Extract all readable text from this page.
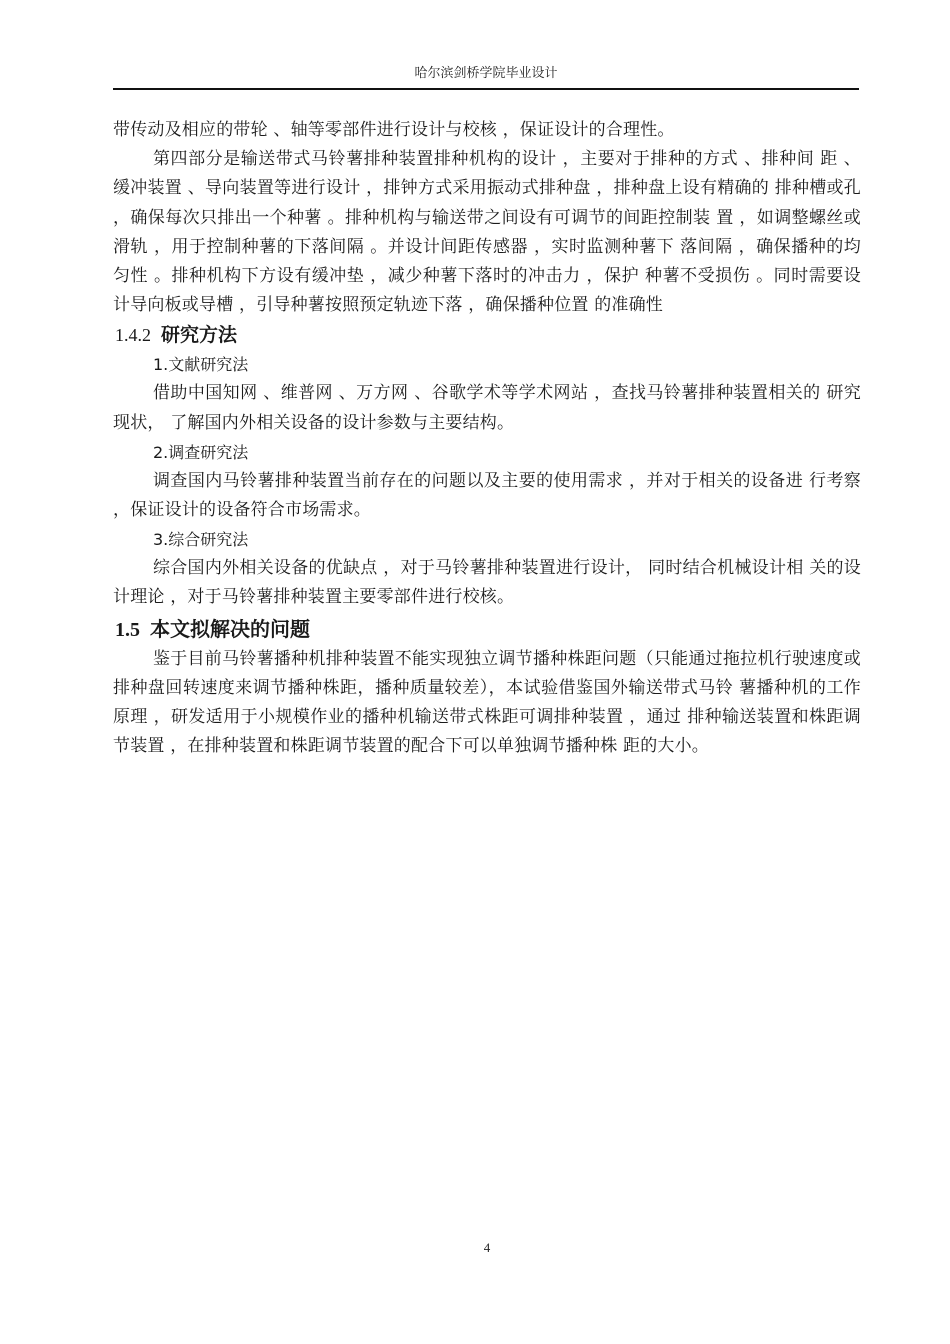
哈尔滨剑桥学院毕业设计

带传动及相应的带轮 、轴等零部件进行设计与校核 ，保证设计的合理性。

第四部分是输送带式马铃薯排种装置排种机构的设计 ，主要对于排种的方式 、排种间 距 、缓冲装置 、导向装置等进行设计 ，排钟方式采用振动式排种盘 ，排种盘上设有精确的 排种槽或孔 ，确保每次只排出一个种薯 。排种机构与输送带之间设有可调节的间距控制装 置 ，如调整螺丝或滑轨 ，用于控制种薯的下落间隔 。并设计间距传感器 ，实时监测种薯下 落间隔 ，确保播种的均匀性 。排种机构下方设有缓冲垫 ，减少种薯下落时的冲击力 ，保护 种薯不受损伤 。同时需要设计导向板或导槽 ，引导种薯按照预定轨迹下落 ，确保播种位置 的准确性

1.4.2 研究方法

1.文献研究法

借助中国知网 、维普网 、万方网 、谷歌学术等学术网站 ，查找马铃薯排种装置相关的 研究现状， 了解国内外相关设备的设计参数与主要结构。

2.调查研究法

调查国内马铃薯排种装置当前存在的问题以及主要的使用需求 ，并对于相关的设备进 行考察 ，保证设计的设备符合市场需求。

3.综合研究法

综合国内外相关设备的优缺点 ，对于马铃薯排种装置进行设计， 同时结合机械设计相 关的设计理论 ，对于马铃薯排种装置主要零部件进行校核。

1.5 本文拟解决的问题

鉴于目前马铃薯播种机排种装置不能实现独立调节播种株距问题（只能通过拖拉机行驶速度或排种盘回转速度来调节播种株距，播种质量较差），本试验借鉴国外输送带式马铃 薯播种机的工作原理 ，研发适用于小规模作业的播种机输送带式株距可调排种装置 ，通过 排种输送装置和株距调节装置 ，在排种装置和株距调节装置的配合下可以单独调节播种株 距的大小。

4
